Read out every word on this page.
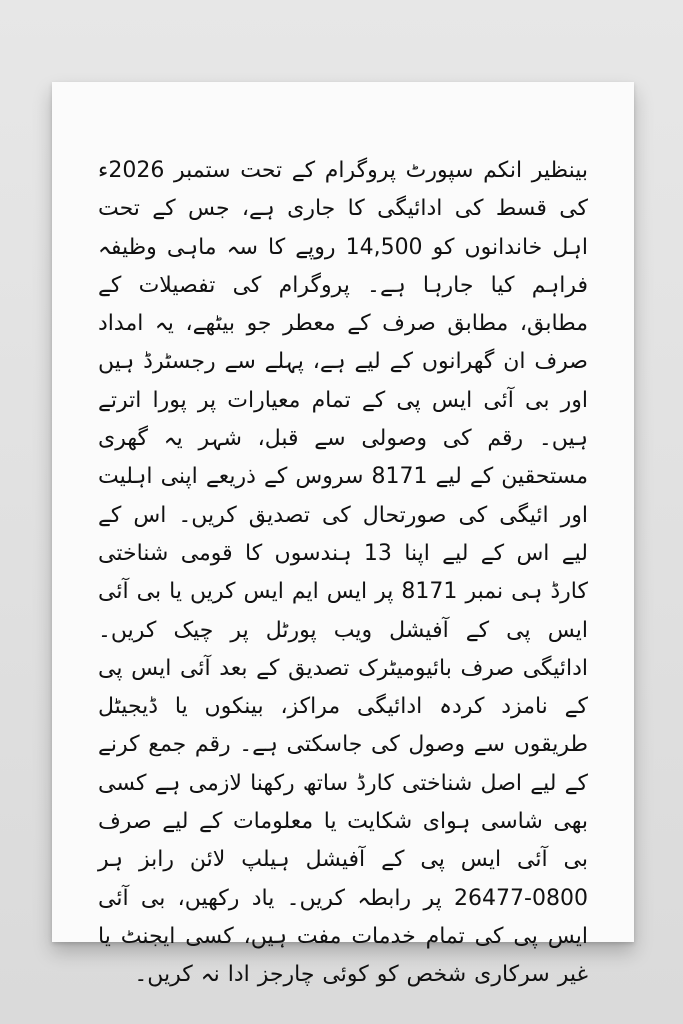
بینظیر انکم سپورٹ پروگرام کے تحت ستمبر 2026ء کی قسط کی ادائیگی کا جاری ہے، جس کے تحت اہل خاندانوں کو 14,500 روپے کا سہ ماہی وظیفہ فراہم کیا جارہا ہے۔ پروگرام کی تفصیلات کے مطابق، مطابق صرف کے معطر جو بیٹھے، یہ امداد صرف ان گھرانوں کے لیے ہے، پہلے سے رجسٹرڈ ہیں اور بی آئی ایس پی کے تمام معیارات پر پورا اترتے ہیں۔ رقم کی وصولی سے قبل، شہر یہ گھری مستحقین کے لیے 8171 سروس کے ذریعے اپنی اہلیت اور ائیگی کی صورتحال کی تصدیق کریں۔ اس کے لیے اس کے لیے اپنا 13 ہندسوں کا قومی شناختی کارڈ ہی نمبر 8171 پر ایس ایم ایس کریں یا بی آئی ایس پی کے آفیشل ویب پورٹل پر چیک کریں۔ ادائیگی صرف بائیومیٹرک تصدیق کے بعد آئی ایس پی کے نامزد کردہ ادائیگی مراکز، بینکوں یا ڈیجیٹل طریقوں سے وصول کی جاسکتی ہے۔ رقم جمع کرنے کے لیے اصل شناختی کارڈ ساتھ رکھنا لازمی ہے کسی بھی شاسی ہوای شکایت یا معلومات کے لیے صرف بی آئی ایس پی کے آفیشل ہیلپ لائن رابز ہر 0800-26477 پر رابطہ کریں۔ یاد رکھیں، بی آئی ایس پی کی تمام خدمات مفت ہیں، کسی ایجنٹ یا غیر سرکاری شخص کو کوئی چارجز ادا نہ کریں۔
